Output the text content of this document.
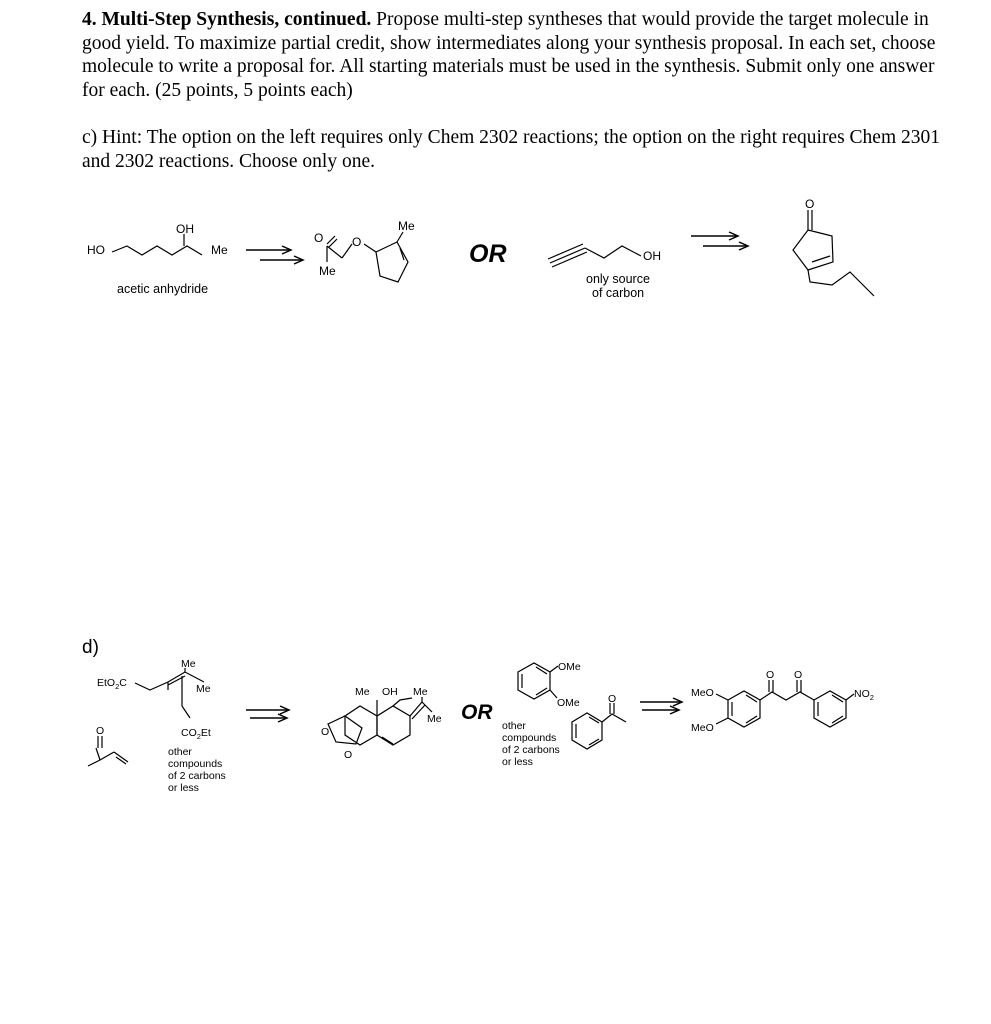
4. Multi-Step Synthesis, continued. Propose multi-step syntheses that would provide the target molecule in good yield. To maximize partial credit, show intermediates along your synthesis proposal. In each set, choose molecule to write a proposal for. All starting materials must be used in the synthesis. Submit only one answer for each. (25 points, 5 points each)
c) Hint: The option on the left requires only Chem 2302 reactions; the option on the right requires Chem 2301 and 2302 reactions. Choose only one.
OH
HO	Me
acetic anhydride
O O
Me
Me
OR	OH
only source
of carbon
O
d)
EtO$_2$C
Me
Me
$CO_2Et$
O
other
compounds
of 2 carbons
or less
Me OH Me
Me
O
O
OR
OMe
OMe	O
other
compounds
of 2 carbons
or less
MeO
MeO
O O
$NO_2$
